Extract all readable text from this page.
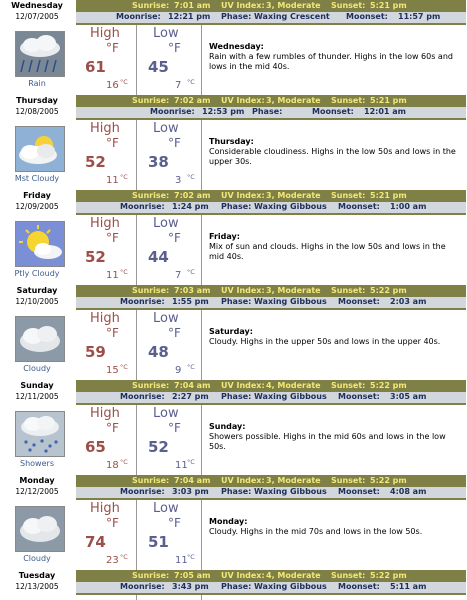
Wednesday
12/07/2005
Rain
Sunrise: 7:01 am UV Index: 3, Moderate Sunset: 5:21 pm
Moonrise: 12:21 pm Phase: Waxing Crescent Moonset: 11:57 pm
High
°F
61
16 °C
Low
°F
45
7 °C
Wednesday:
Rain with a few rumbles of thunder. Highs in the low 60s and lows in the mid 40s.
Thursday
12/08/2005
Mst Cloudy
Sunrise: 7:02 am UV Index: 3, Moderate Sunset: 5:21 pm
Moonrise: 12:53 pm Phase:	Moonset: 12:01 am
High
°F
52
11 °C
Low
°F
38
3 °C
Thursday:
Considerable cloudiness. Highs in the low 50s and lows in the upper 30s.
Friday
12/09/2005
Ptly Cloudy
Sunrise: 7:02 am UV Index: 3, Moderate Sunset: 5:21 pm
Moonrise: 1:24 pm Phase: Waxing Gibbous Moonset: 1:00 am
High
°F
52
11 °C
Low
°F
44
7 °C
Friday:
Mix of sun and clouds. Highs in the low 50s and lows in the mid 40s.
Saturday
12/10/2005
Cloudy
Sunrise: 7:03 am UV Index: 3, Moderate Sunset: 5:22 pm
Moonrise: 1:55 pm Phase: Waxing Gibbous Moonset: 2:03 am
High
°F
59
15 °C
Low
°F
48
9 °C
Saturday:
Cloudy. Highs in the upper 50s and lows in the upper 40s.
Sunday
12/11/2005
Showers
Sunrise: 7:04 am UV Index: 4, Moderate Sunset: 5:22 pm
Moonrise: 2:27 pm Phase: Waxing Gibbous Moonset: 3:05 am
High
°F
65
18 °C
Low
°F
52
11 °C
Sunday:
Showers possible. Highs in the mid 60s and lows in the low 50s.
Monday
12/12/2005
Cloudy
Sunrise: 7:04 am UV Index: 3, Moderate Sunset: 5:22 pm
Moonrise: 3:03 pm Phase: Waxing Gibbous Moonset: 4:08 am
High
°F
74
23 °C
Low
°F
51
11 °C
Monday:
Cloudy. Highs in the mid 70s and lows in the low 50s.
Tuesday
12/13/2005
Sunrise: 7:05 am UV Index: 4, Moderate Sunset: 5:22 pm
Moonrise: 3:43 pm Phase: Waxing Gibbous Moonset: 5:11 am
